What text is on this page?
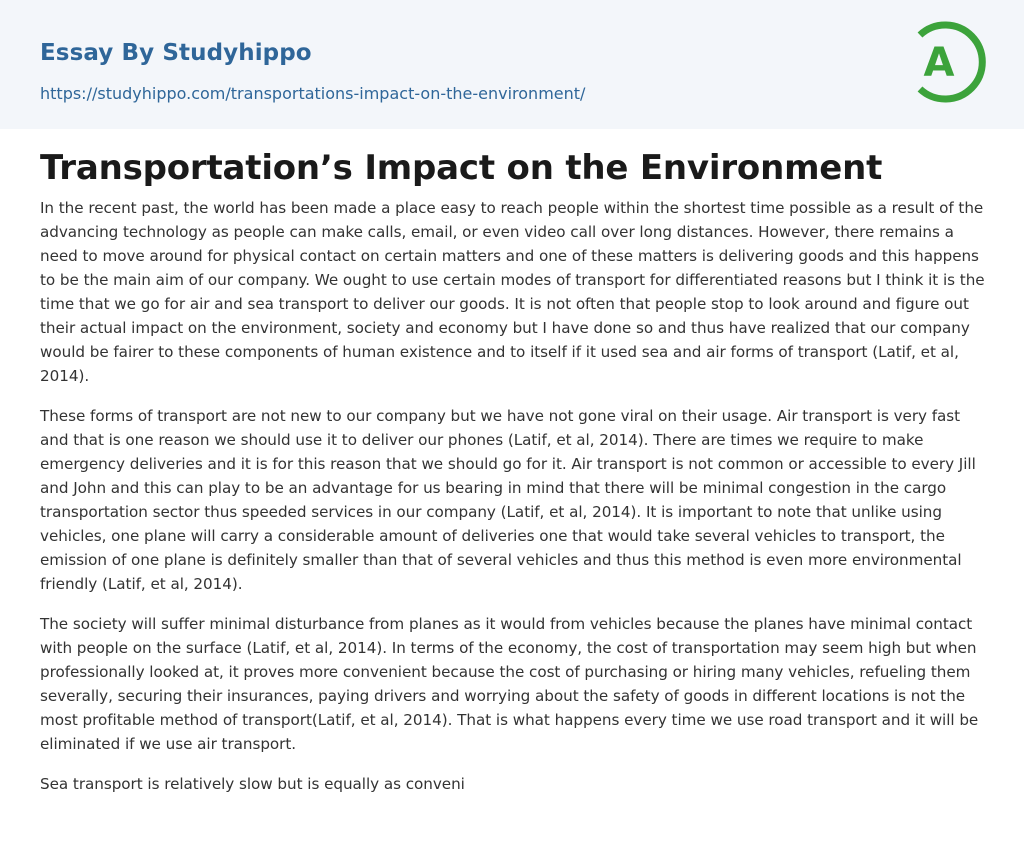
Essay By Studyhippo
https://studyhippo.com/transportations-impact-on-the-environment/
A
Transportation’s Impact on the Environment

In the recent past, the world has been made a place easy to reach people within the shortest time possible as a result of the advancing technology as people can make calls, email, or even video call over long distances. However, there remains a need to move around for physical contact on certain matters and one of these matters is delivering goods and this happens to be the main aim of our company. We ought to use certain modes of transport for differentiated reasons but I think it is the time that we go for air and sea transport to deliver our goods. It is not often that people stop to look around and figure out their actual impact on the environment, society and economy but I have done so and thus have realized that our company would be fairer to these components of human existence and to itself if it used sea and air forms of transport (Latif, et al, 2014).

These forms of transport are not new to our company but we have not gone viral on their usage. Air transport is very fast and that is one reason we should use it to deliver our phones (Latif, et al, 2014). There are times we require to make emergency deliveries and it is for this reason that we should go for it. Air transport is not common or accessible to every Jill and John and this can play to be an advantage for us bearing in mind that there will be minimal congestion in the cargo transportation sector thus speeded services in our company (Latif, et al, 2014). It is important to note that unlike using vehicles, one plane will carry a considerable amount of deliveries one that would take several vehicles to transport, the emission of one plane is definitely smaller than that of several vehicles and thus this method is even more environmental friendly (Latif, et al, 2014).

The society will suffer minimal disturbance from planes as it would from vehicles because the planes have minimal contact with people on the surface (Latif, et al, 2014). In terms of the economy, the cost of transportation may seem high but when professionally looked at, it proves more convenient because the cost of purchasing or hiring many vehicles, refueling them severally, securing their insurances, paying drivers and worrying about the safety of goods in different locations is not the most profitable method of transport(Latif, et al, 2014). That is what happens every time we use road transport and it will be eliminated if we use air transport.

Sea transport is relatively slow but is equally as conveni
